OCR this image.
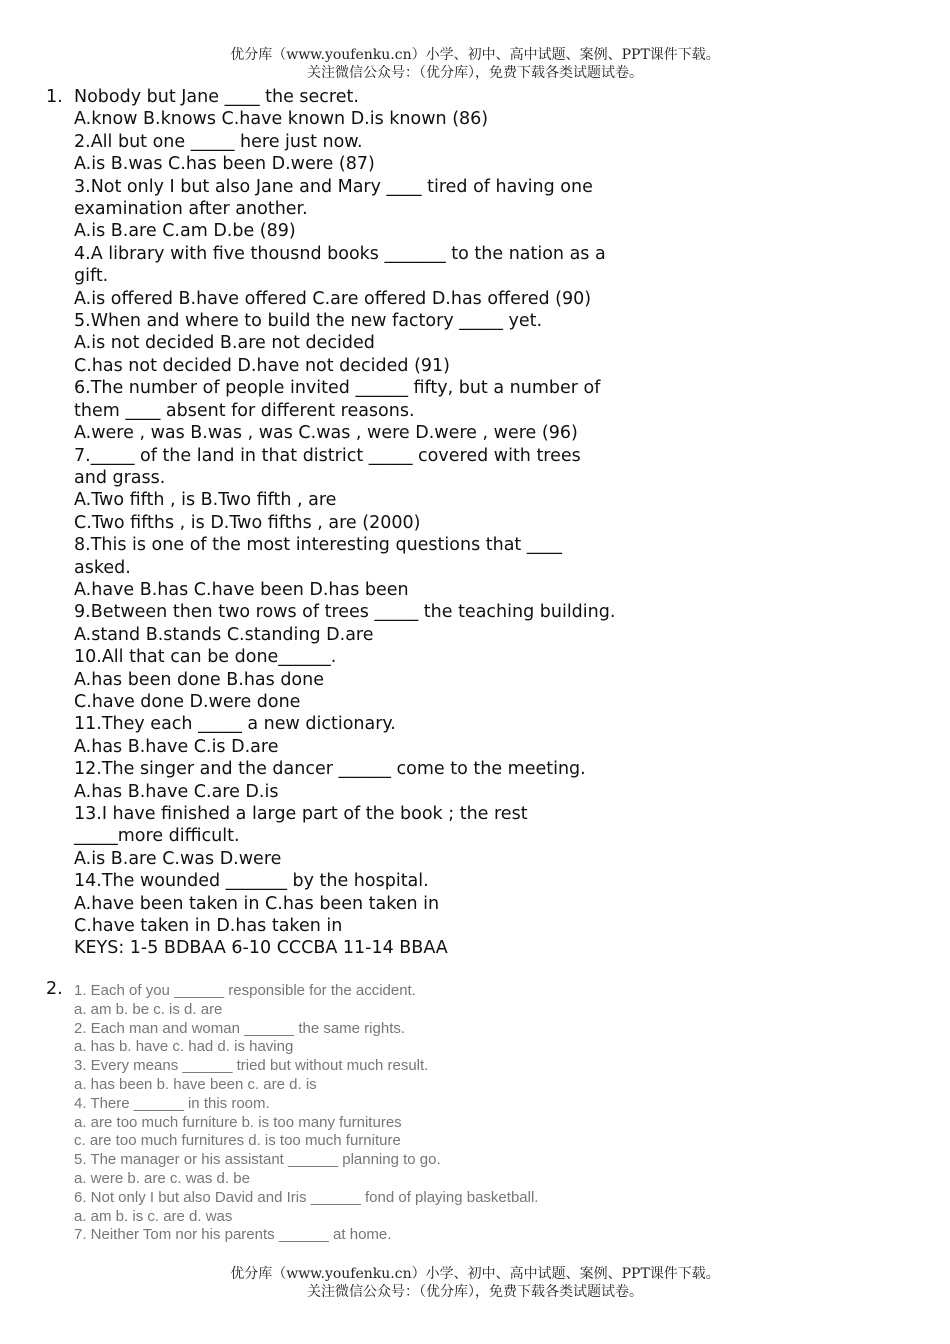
优分库（www.youfenku.cn）小学、初中、高中试题、案例、PPT课件下载。
关注微信公众号：（优分库），免费下载各类试题试卷。
1. Nobody but Jane ____ the secret.
A.know B.knows C.have known D.is known (86)
2.All but one _____ here just now.
A.is B.was C.has been D.were (87)
3.Not only I but also Jane and Mary ____ tired of having one
examination after another.
A.is B.are C.am D.be (89)
4.A library with five thousnd books _______ to the nation as a
gift.
A.is offered B.have offered C.are offered D.has offered (90)
5.When and where to build the new factory _____ yet.
A.is not decided B.are not decided
C.has not decided D.have not decided (91)
6.The number of people invited ______ fifty, but a number of
them ____ absent for different reasons.
A.were , was B.was , was C.was , were D.were , were (96)
7._____ of the land in that district _____ covered with trees
and grass.
A.Two fifth , is B.Two fifth , are
C.Two fifths , is D.Two fifths , are (2000)
8.This is one of the most interesting questions that ____
asked.
A.have B.has C.have been D.has been
9.Between then two rows of trees _____ the teaching building.
A.stand B.stands C.standing D.are
10.All that can be done______.
A.has been done B.has done
C.have done D.were done
11.They each _____ a new dictionary.
A.has B.have C.is D.are
12.The singer and the dancer ______ come to the meeting.
A.has B.have C.are D.is
13.I have finished a large part of the book ; the rest
_____more difficult.
A.is B.are C.was D.were
14.The wounded _______ by the hospital.
A.have been taken in C.has been taken in
C.have taken in D.has taken in
KEYS: 1-5 BDBAA 6-10 CCCBA 11-14 BBAA
2. 1. Each of you ______ responsible for the accident.
a. am b. be c. is d. are
2. Each man and woman ______ the same rights.
a. has b. have c. had d. is having
3. Every means ______ tried but without much result.
a. has been b. have been c. are d. is
4. There ______ in this room.
a. are too much furniture b. is too many furnitures
c. are too much furnitures d. is too much furniture
5. The manager or his assistant ______ planning to go.
a. were b. are c. was d. be
6. Not only I but also David and Iris ______ fond of playing basketball.
a. am b. is c. are d. was
7. Neither Tom nor his parents ______ at home.
优分库（www.youfenku.cn）小学、初中、高中试题、案例、PPT课件下载。
关注微信公众号：（优分库），免费下载各类试题试卷。
